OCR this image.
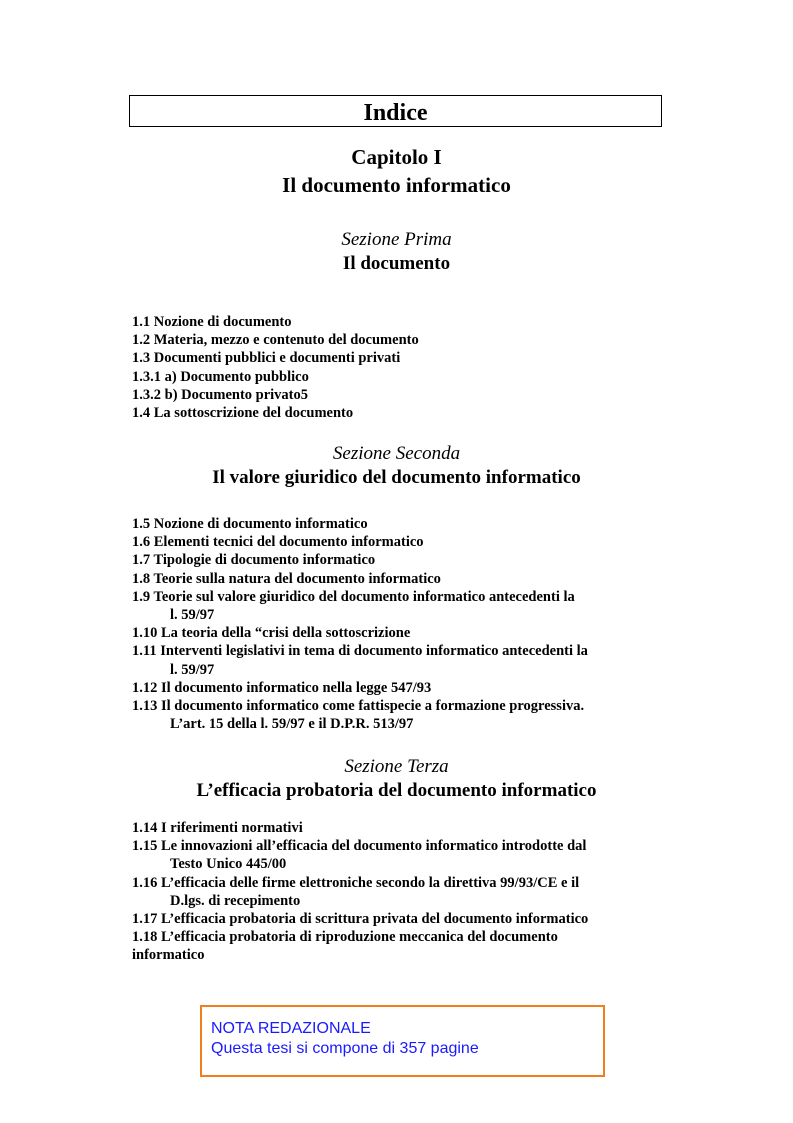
Indice
Capitolo I
Il documento informatico
Sezione Prima
Il documento
1.1 Nozione di documento
1.2 Materia, mezzo e contenuto del documento
1.3 Documenti pubblici e documenti privati
1.3.1 a) Documento pubblico
1.3.2 b) Documento privato5
1.4 La sottoscrizione del documento
Sezione Seconda
Il valore giuridico del documento informatico
1.5 Nozione di documento informatico
1.6 Elementi tecnici del documento informatico
1.7 Tipologie di documento informatico
1.8 Teorie sulla natura del documento informatico
1.9 Teorie sul valore giuridico del documento informatico antecedenti la
l. 59/97
1.10 La teoria della “crisi della sottoscrizione
1.11 Interventi legislativi in tema di documento informatico antecedenti la
l. 59/97
1.12 Il documento informatico nella legge 547/93
1.13 Il documento informatico come fattispecie a formazione progressiva.
L’art. 15 della l. 59/97 e il D.P.R. 513/97
Sezione Terza
L’efficacia probatoria del documento informatico
1.14 I riferimenti normativi
1.15 Le innovazioni all’efficacia del documento informatico introdotte dal
Testo Unico 445/00
1.16 L’efficacia delle firme elettroniche secondo la direttiva 99/93/CE e il
D.lgs. di recepimento
1.17 L’efficacia probatoria di scrittura privata del documento informatico
1.18 L’efficacia probatoria di riproduzione meccanica del documento
informatico
NOTA REDAZIONALE
Questa tesi si compone di 357 pagine
